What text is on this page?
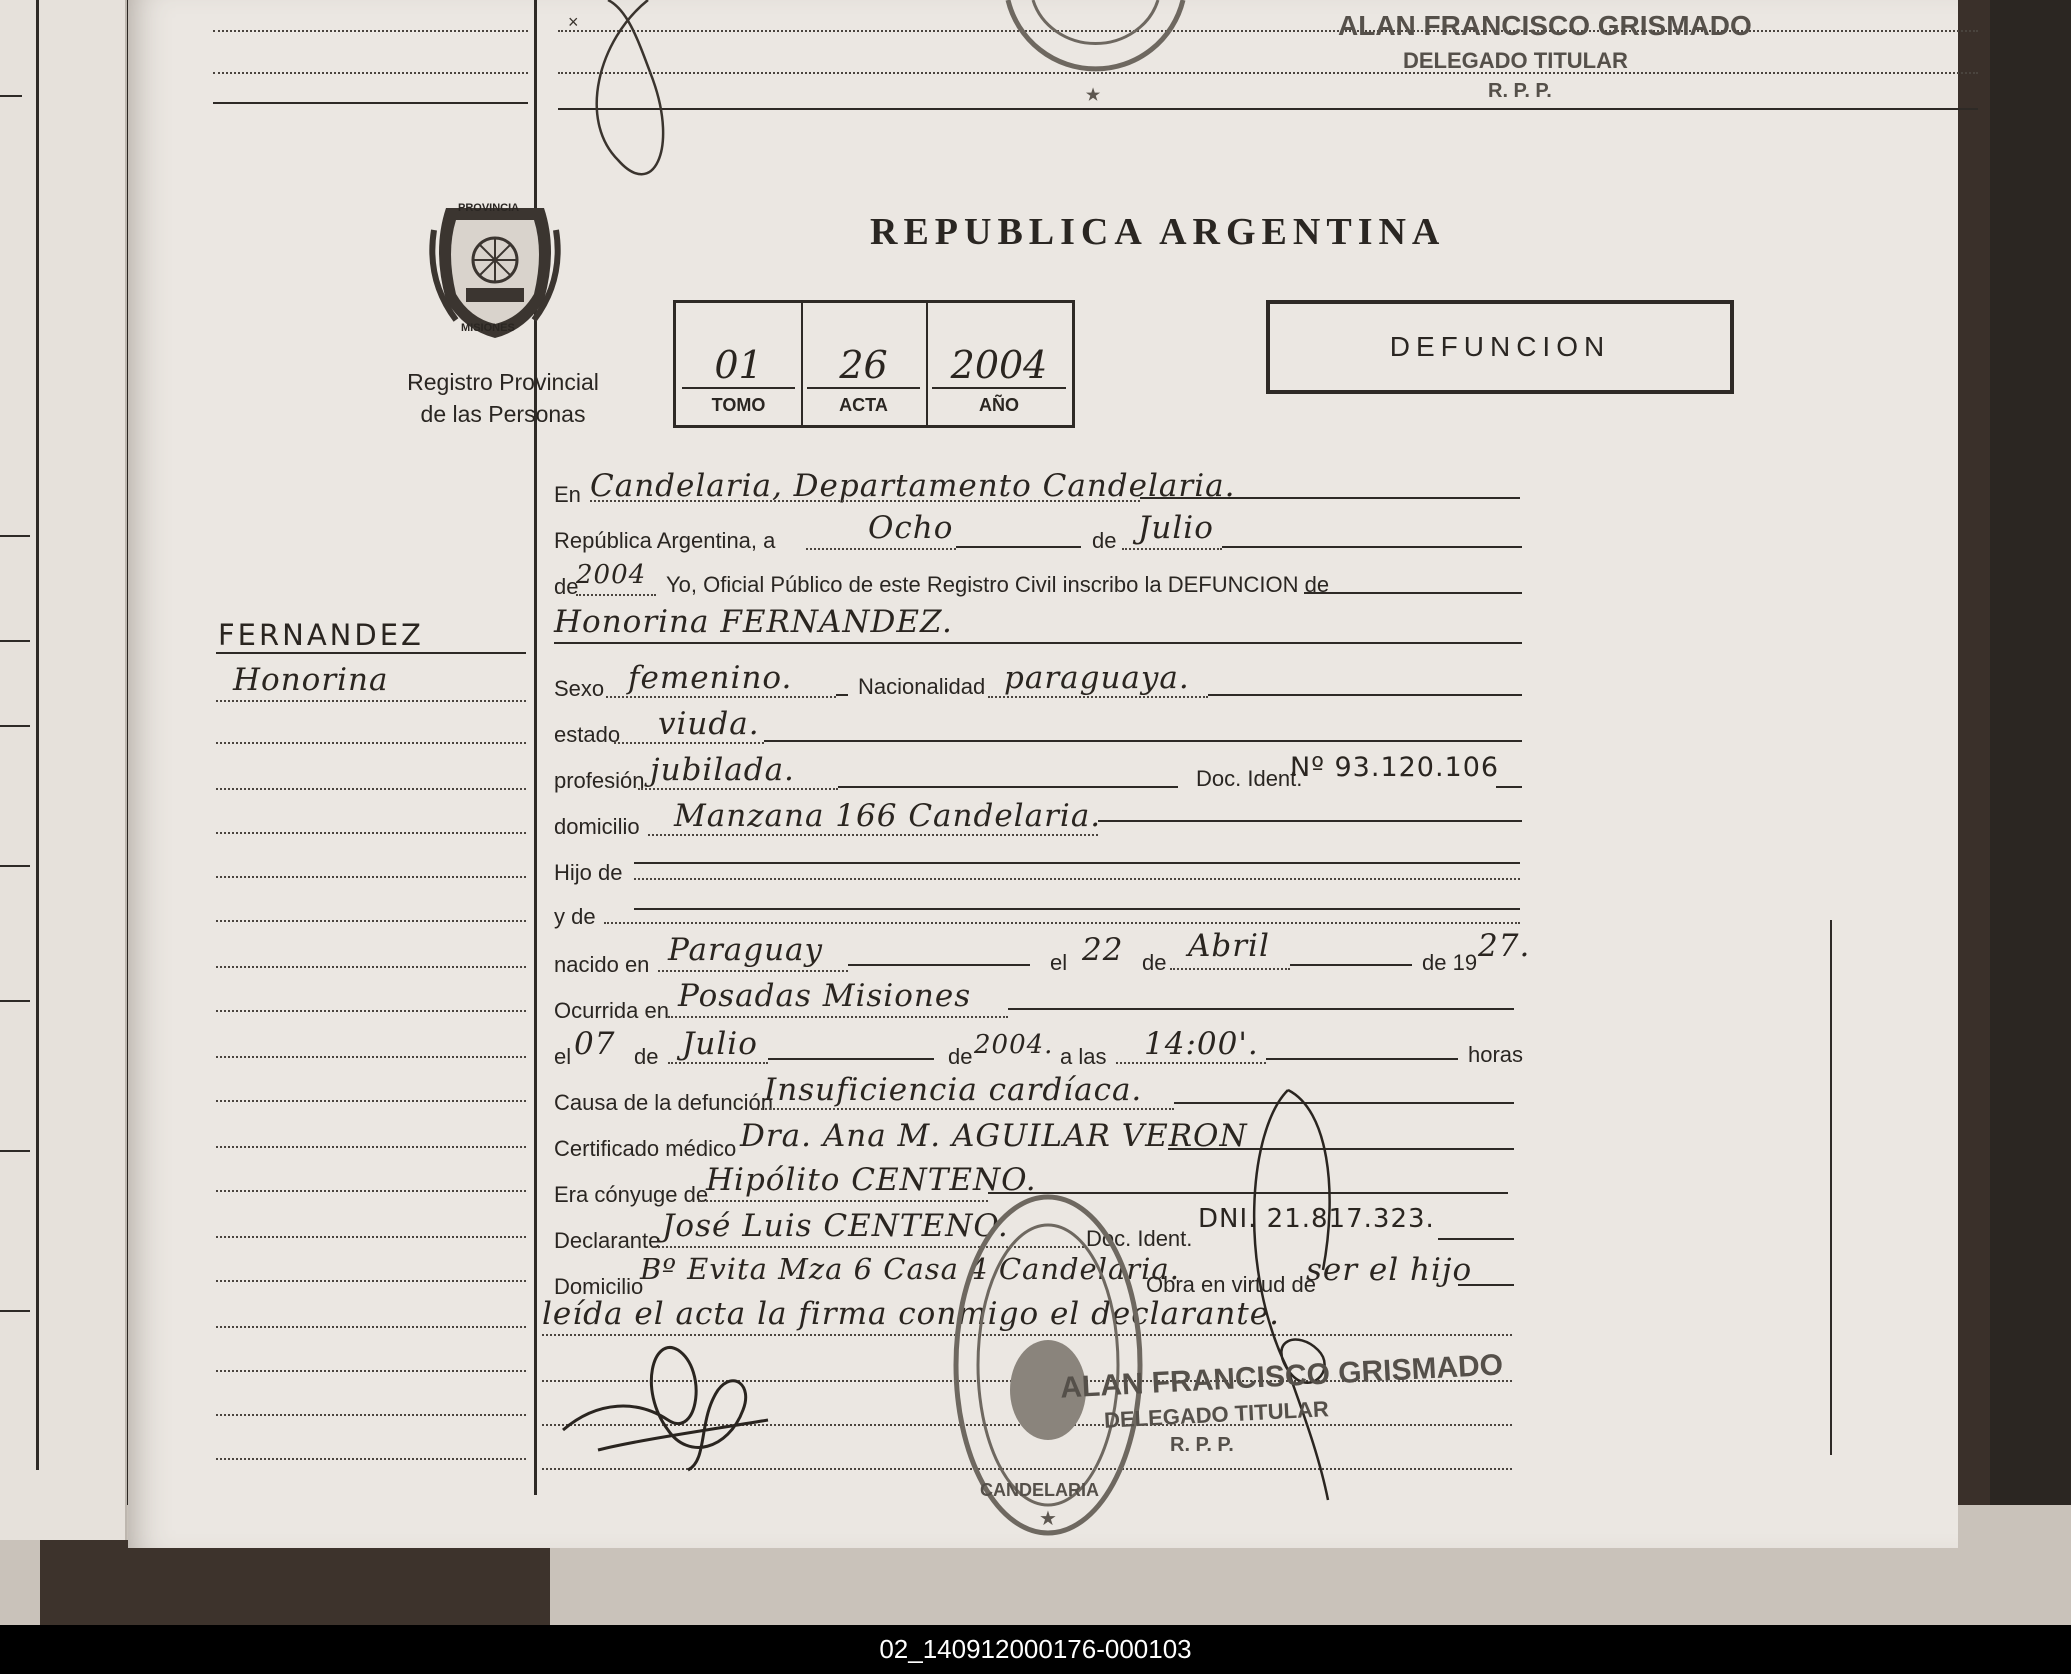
ALAN FRANCISCO GRISMADO
DELEGADO TITULAR
R. P. P.
★
×
PROVINCIA
MISIONES
Registro Provincial
de las Personas
REPUBLICA ARGENTINA
01
TOMO
26
ACTA
2004
AÑO
DEFUNCION
FERNANDEZ
Honorina
En Candelaria, Departamento Candelaria.
República Argentina, a	Ocho	de Julio
de
2004 Yo, Oficial Público de este Registro Civil inscribo la DEFUNCION de
Honorina FERNANDEZ.
Sexo femenino.	Nacionalidad paraguaya.
estado viuda.
profesión jubilada.	Doc. Ident.
Nº 93.120.106
domicilio Manzana 166 Candelaria.
Hijo de
y de
nacido en Paraguay	el 22 de Abril	de 19 27.
Ocurrida en Posadas Misiones
el 07 de Julio	de 2004. a las 14:00'.	horas
Causa de la defunción
Insuficiencia cardíaca.
Certificado médico Dra. Ana M. AGUILAR VERON
Era cónyuge de
Hipólito CENTENO.
Declarante José Luis CENTENO.	Doc. Ident.
DNI. 21.817.323.
Domicilio
Bº Evita Mza 6 Casa 4 Candelaria.
Obra en virtud de
ser el hijo
leída el acta la firma conmigo el declarante.
★
CANDELARIA
ALAN FRANCISCO GRISMADO
DELEGADO TITULAR
R. P. P.
02_140912000176-000103
